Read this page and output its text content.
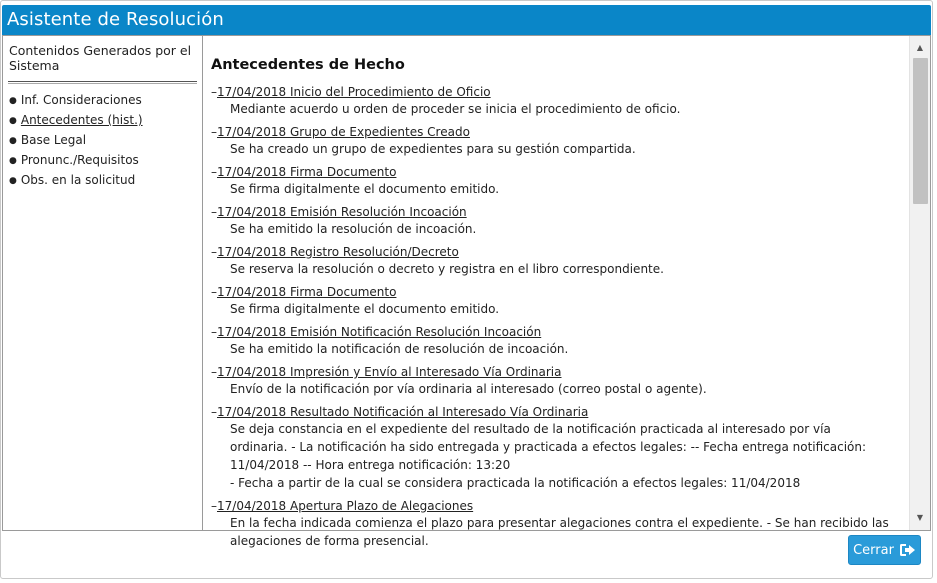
Asistente de Resolución
Contenidos Generados por el Sistema
● Inf. Consideraciones
● Antecedentes (hist.)
● Base Legal
● Pronunc./Requisitos
● Obs. en la solicitud
Antecedentes de Hecho
–17/04/2018 Inicio del Procedimiento de Oficio
Mediante acuerdo u orden de proceder se inicia el procedimiento de oficio.
–17/04/2018 Grupo de Expedientes Creado
Se ha creado un grupo de expedientes para su gestión compartida.
–17/04/2018 Firma Documento
Se firma digitalmente el documento emitido.
–17/04/2018 Emisión Resolución Incoación
Se ha emitido la resolución de incoación.
–17/04/2018 Registro Resolución/Decreto
Se reserva la resolución o decreto y registra en el libro correspondiente.
–17/04/2018 Firma Documento
Se firma digitalmente el documento emitido.
–17/04/2018 Emisión Notificación Resolución Incoación
Se ha emitido la notificación de resolución de incoación.
–17/04/2018 Impresión y Envío al Interesado Vía Ordinaria
Envío de la notificación por vía ordinaria al interesado (correo postal o agente).
–17/04/2018 Resultado Notificación al Interesado Vía Ordinaria
Se deja constancia en el expediente del resultado de la notificación practicada al interesado por vía ordinaria. - La notificación ha sido entregada y practicada a efectos legales: -- Fecha entrega notificación: 11/04/2018 -- Hora entrega notificación: 13:20
- Fecha a partir de la cual se considera practicada la notificación a efectos legales: 11/04/2018
–17/04/2018 Apertura Plazo de Alegaciones
En la fecha indicada comienza el plazo para presentar alegaciones contra el expediente. - Se han recibido las alegaciones de forma presencial.
▲
▼
Cerrar
